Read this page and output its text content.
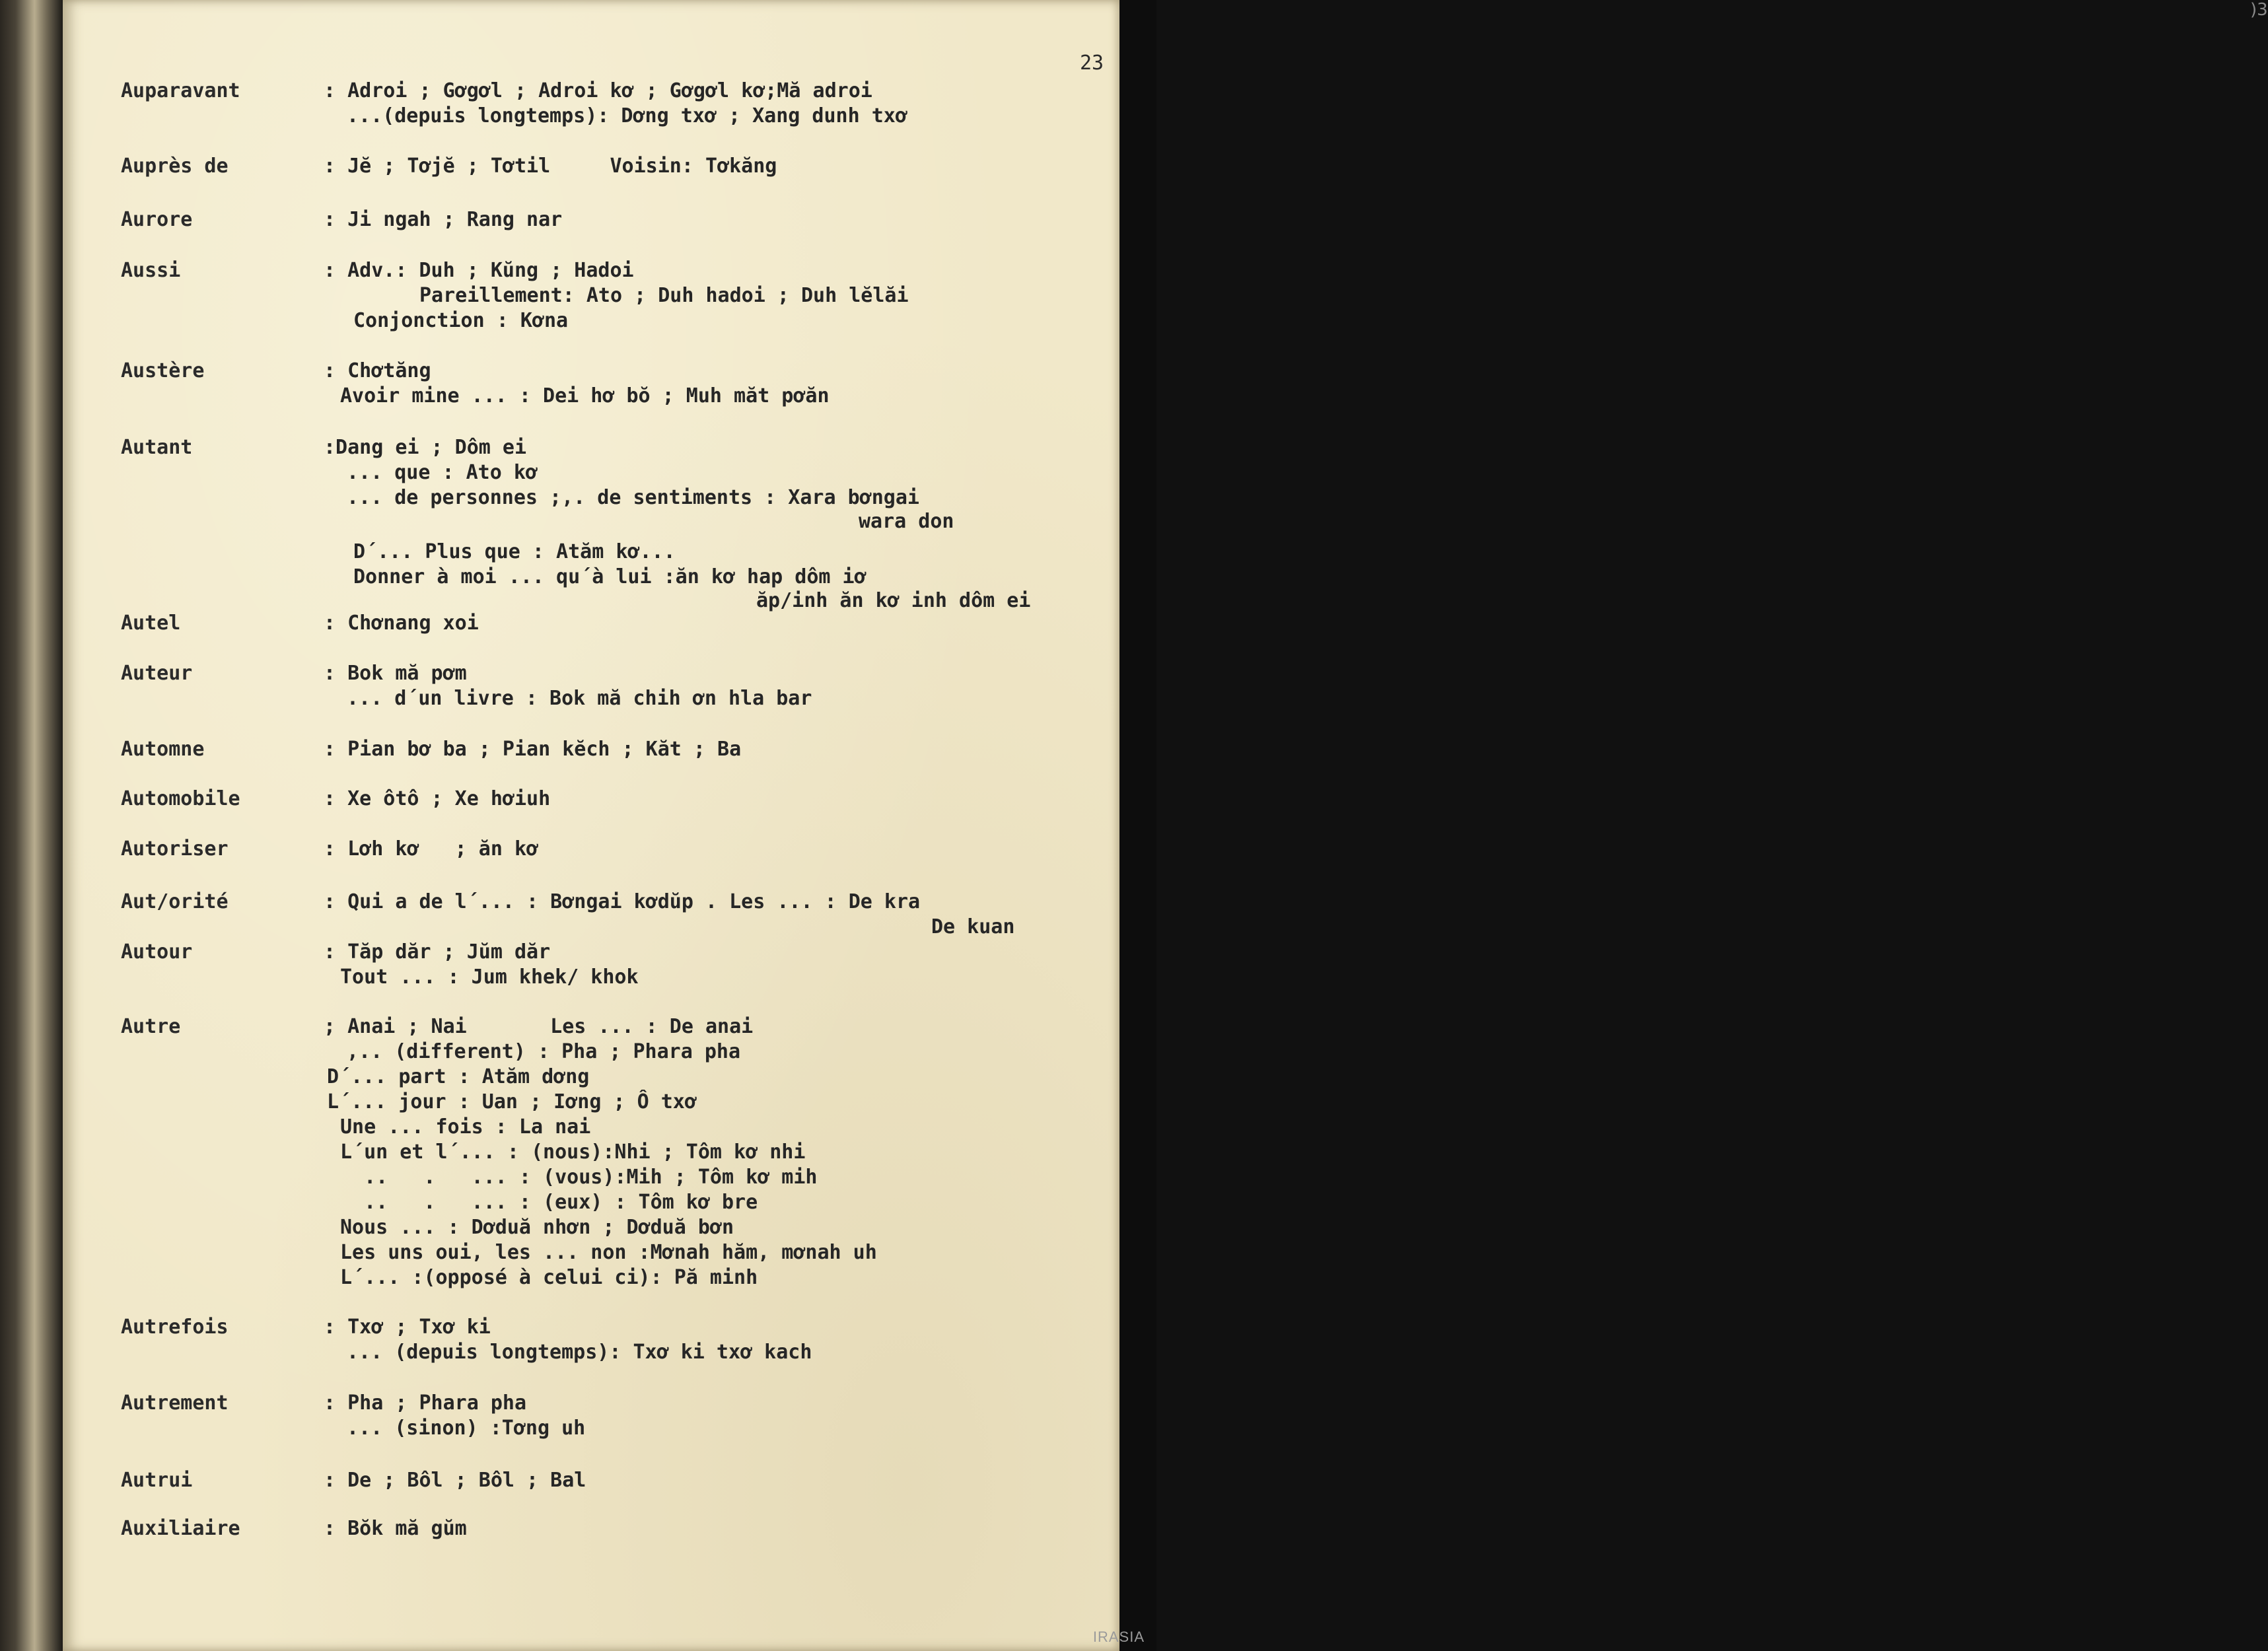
)3
23
Auparavant	: Adroi ; Gơgơl ; Adroi kơ ; Gơgơl kơ;Mă adroi
...(depuis longtemps): Dơng txơ ; Xang dunh txơ
Auprès de	: Jĕ ; Tơjĕ ; Tơtil     Voisin: Tơkăng
Aurore	: Ji ngah ; Rang nar
Aussi	: Adv.: Duh ; Kŭng ; Hadoi
Pareillement: Ato ; Duh hadoi ; Duh lĕlăi
Conjonction : Kơna
Austère	: Chơtăng
Avoir mine ... : Dei hơ bŏ ; Muh măt pơăn
Autant	:Dang ei ; Dôm ei
... que : Ato kơ
... de personnes ;,. de sentiments : Xara bơngai
wara don
D´... Plus que : Atăm kơ...
Donner à moi ... qu´à lui :ăn kơ hap dôm iơ
ăp/inh ăn kơ inh dôm ei
Autel	: Chơnang xoi
Auteur	: Bok mă pơm
... d´un livre : Bok mă chih ơn hla bar
Automne	: Pian bơ ba ; Pian kĕch ; Kăt ; Ba
Automobile	: Xe ôtô ; Xe hơiuh
Autoriser	: Lơh kơ   ; ăn kơ
Aut/orité	: Qui a de l´... : Bơngai kơdŭp . Les ... : De kra
De kuan
Autour	: Tăp dăr ; Jŭm dăr
Tout ... : Jum khek/ khok
Autre	; Anai ; Nai       Les ... : De anai
,.. (different) : Pha ; Phara pha
D´... part : Atăm dơng
L´... jour : Uan ; Iơng ; Ô txơ
Une ... fois : La nai
L´un et l´... : (nous):Nhi ; Tôm kơ nhi
..   .   ... : (vous):Mih ; Tôm kơ mih
..   .   ... : (eux) : Tôm kơ bre
Nous ... : Dơduă nhơn ; Dơduă bơn
Les uns oui, les ... non :Mơnah hăm, mơnah uh
L´... :(opposé à celui ci): Pă minh
Autrefois	: Txơ ; Txơ ki
... (depuis longtemps): Txơ ki txơ kach
Autrement	: Pha ; Phara pha
... (sinon) :Tơng uh
Autrui	: De ; Bôl ; Bôl ; Bal
Auxiliaire	: Bŏk mă gŭm
IRASIA
